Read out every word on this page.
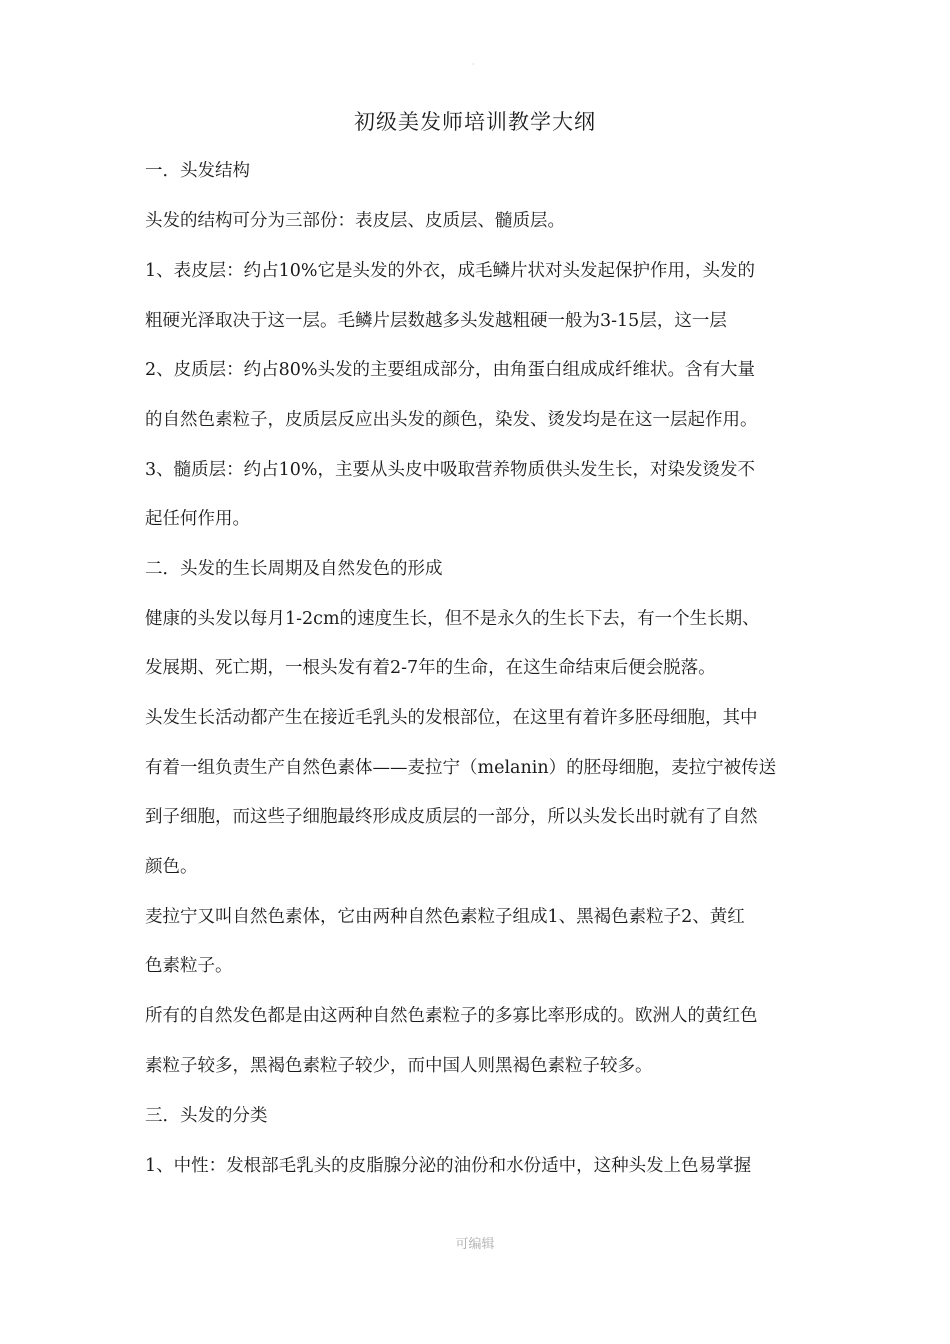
·
初级美发师培训教学大纲
一．头发结构
头发的结构可分为三部份：表皮层、皮质层、髓质层。
1、表皮层：约占10%它是头发的外衣，成毛鳞片状对头发起保护作用，头发的
粗硬光泽取决于这一层。毛鳞片层数越多头发越粗硬一般为3-15层，这一层
2、皮质层：约占80%头发的主要组成部分，由角蛋白组成成纤维状。含有大量
的自然色素粒子，皮质层反应出头发的颜色，染发、烫发均是在这一层起作用。
3、髓质层：约占10%，主要从头皮中吸取营养物质供头发生长，对染发烫发不
起任何作用。
二．头发的生长周期及自然发色的形成
健康的头发以每月1-2cm的速度生长，但不是永久的生长下去，有一个生长期、
发展期、死亡期，一根头发有着2-7年的生命，在这生命结束后便会脱落。
头发生长活动都产生在接近毛乳头的发根部位，在这里有着许多胚母细胞，其中
有着一组负责生产自然色素体——麦拉宁（melanin）的胚母细胞，麦拉宁被传送
到子细胞，而这些子细胞最终形成皮质层的一部分，所以头发长出时就有了自然
颜色。
麦拉宁又叫自然色素体，它由两种自然色素粒子组成1、黑褐色素粒子2、黄红
色素粒子。
所有的自然发色都是由这两种自然色素粒子的多寡比率形成的。欧洲人的黄红色
素粒子较多，黑褐色素粒子较少，而中国人则黑褐色素粒子较多。
三．头发的分类
1、中性：发根部毛乳头的皮脂腺分泌的油份和水份适中，这种头发上色易掌握
可编辑
